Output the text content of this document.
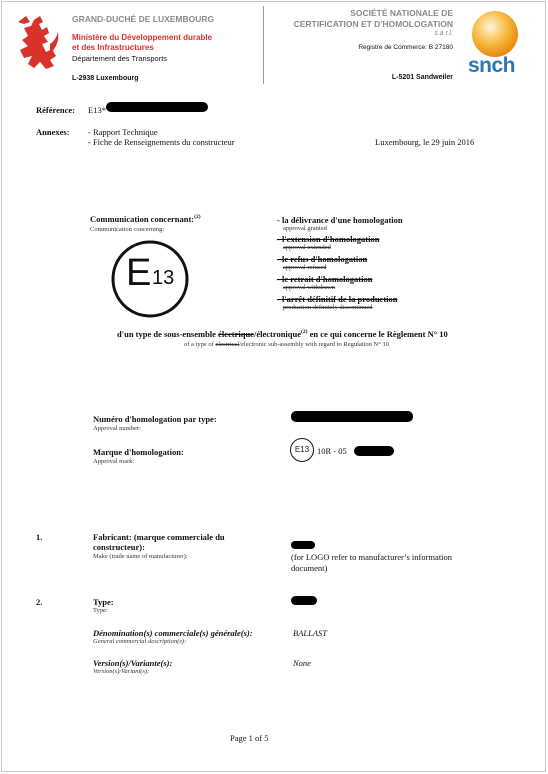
GRAND-DUCHÉ DE LUXEMBOURG
Ministère du Développement durable
et des Infrastructures
Département des Transports
L-2938 Luxembourg
SOCIÉTÉ NATIONALE DE
CERTIFICATION ET D'HOMOLOGATION
s.à r.l.
Registre de Commerce: B 27180
L-5201 Sandweiler
snch
Référence: E13*
Annexes: - Rapport Technique
- Fiche de Renseignements du constructeur	Luxembourg, le 29 juin 2016
Communication concernant:$^{(2)}$
Communication concerning:
E 13
- la délivrance d'une homologation
approval granted
- l'extension d'homologation
approval extended
- le refus d'homologation
approval refused
- le retrait d'homologation
approval withdrawn
- l'arrêt définitif de la production
production definitely discontinued
d'un type de sous-ensemble électrique/électronique$^{(2)}$ en ce qui concerne le Règlement N° 10
of a type of electrical/electronic sub-assembly with regard to Regulation N° 10
Numéro d'homologation par type:
Approval number:
Marque d'homologation:
Approval mark:
E13 10R - 05
1.	Fabricant: (marque commerciale du
constructeur):
Make (trade name of manufacturer):	(for LOGO refer to manufacturer’s information
document)
2.	Type:
Type:
Dénomination(s) commerciale(s) générale(s):
General commercial description(s):
BALLAST
Version(s)/Variante(s):
Version(s)/Variant(s):
None
Page 1 of 5
